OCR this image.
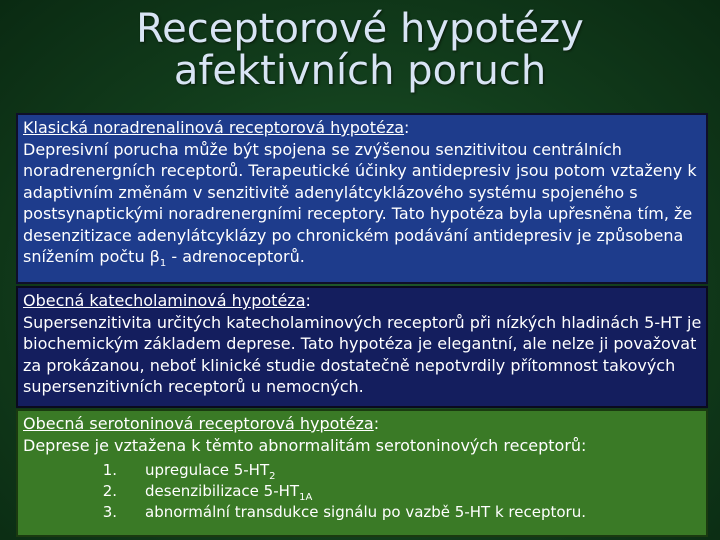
Receptorové hypotézy
afektivních poruch
Klasická noradrenalinová receptorová hypotéza:
Depresivní porucha může být spojena se zvýšenou senzitivitou centrálních noradrenergních receptorů. Terapeutické účinky antidepresiv jsou potom vztaženy k adaptivním změnám v senzitivitě adenylátcyklázového systému spojeného s postsynaptickými noradrenergními receptory. Tato hypotéza byla upřesněna tím, že desenzitizace adenylátcyklázy po chronickém podávání antidepresiv je způsobena snížením počtu $\beta_1$ - adrenoceptorů.
Obecná katecholaminová hypotéza:
Supersenzitivita určitých katecholaminových receptorů při nízkých hladinách 5-HT je biochemickým základem deprese. Tato hypotéza je elegantní, ale nelze ji považovat za prokázanou, neboť klinické studie dostatečně nepotvrdily přítomnost takových supersenzitivních receptorů u nemocných.
Obecná serotoninová receptorová hypotéza:
Deprese je vztažena k těmto abnormalitám serotoninových receptorů:
1.	upregulace $5-HT_2$
2.	desenzibilizace $5-HT_{1A}$
3.	abnormální transdukce signálu po vazbě 5-HT k receptoru.
